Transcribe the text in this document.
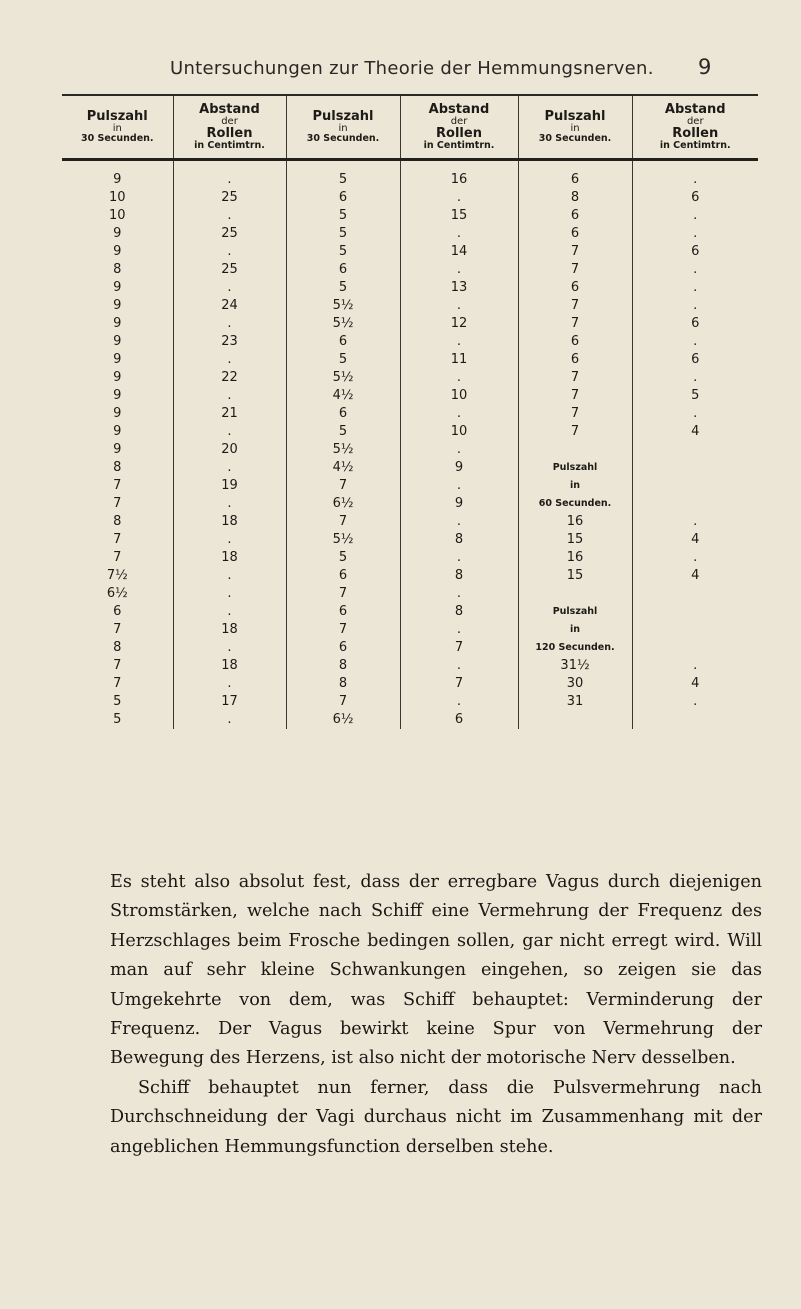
Untersuchungen zur Theorie der Hemmungsnerven.	9
Pulszahl
in
30 Secunden.	Abstand
der
Rollen
in Centimtrn.	Pulszahl
in
30 Secunden.	Abstand
der
Rollen
in Centimtrn.	Pulszahl
in
30 Secunden.	Abstand
der
Rollen
in Centimtrn.

9	.	5	16	6	.
10	25	6	.	8	6
10	.	5	15	6	.
9	25	5	.	6	.
9	.	5	14	7	6
8	25	6	.	7	.
9	.	5	13	6	.
9	24	5½	.	7	.
9	.	5½	12	7	6
9	23	6	.	6	.
9	.	5	11	6	6
9	22	5½	.	7	.
9	.	4½	10	7	5
9	21	6	.	7	.
9	.	5	10	7	4
9	20	5½	.		
8	.	4½	9	Pulszahl	
7	19	7	.	in	
7	.	6½	9	60 Secunden.	
8	18	7	.	16	.
7	.	5½	8	15	4
7	18	5	.	16	.
7½	.	6	8	15	4
6½	.	7	.		
6	.	6	8	Pulszahl	
7	18	7	.	in	
8	.	6	7	120 Secunden.	
7	18	8	.	31½	.
7	.	8	7	30	4
5	17	7	.	31	.
5	.	6½	6		

Es steht also absolut fest, dass der erregbare Vagus durch diejenigen Stromstärken, welche nach Schiff eine Vermehrung der Frequenz des Herzschlages beim Frosche bedingen sollen, gar nicht erregt wird. Will man auf sehr kleine Schwankungen eingehen, so zeigen sie das Umgekehrte von dem, was Schiff behauptet: Verminderung der Frequenz. Der Vagus bewirkt keine Spur von Vermehrung der Bewegung des Herzens, ist also nicht der motorische Nerv desselben.

Schiff behauptet nun ferner, dass die Pulsvermehrung nach Durchschneidung der Vagi durchaus nicht im Zusammenhang mit der angeblichen Hemmungsfunction derselben stehe.
